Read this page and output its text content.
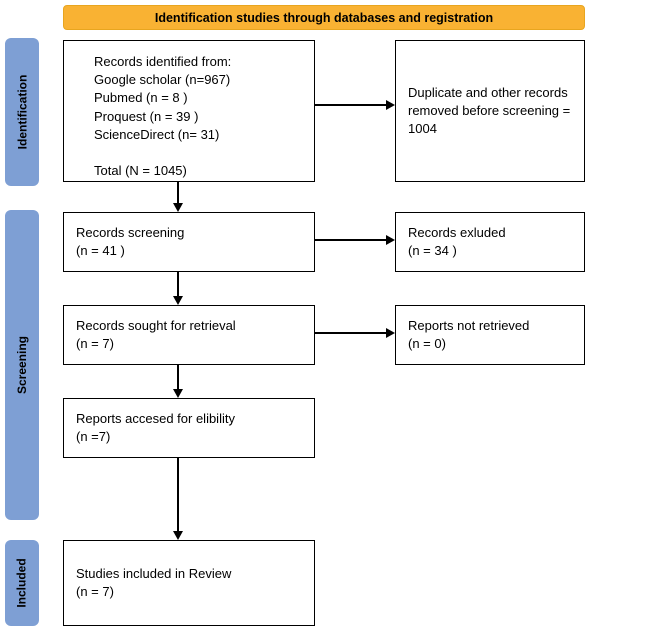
Identification studies through databases and registration
Identification
Screening
Included
Records identified from:
Google scholar (n=967)
Pubmed (n = 8 )
Proquest (n = 39 )
ScienceDirect (n= 31)

Total (N = 1045)
Duplicate and other records
removed before screening = 1004
Records screening
(n = 41 )
Records exluded
(n = 34 )
Records sought for retrieval
(n = 7)
Reports not retrieved
(n = 0)
Reports accesed for elibility
(n =7)
Studies included in Review
(n = 7)
